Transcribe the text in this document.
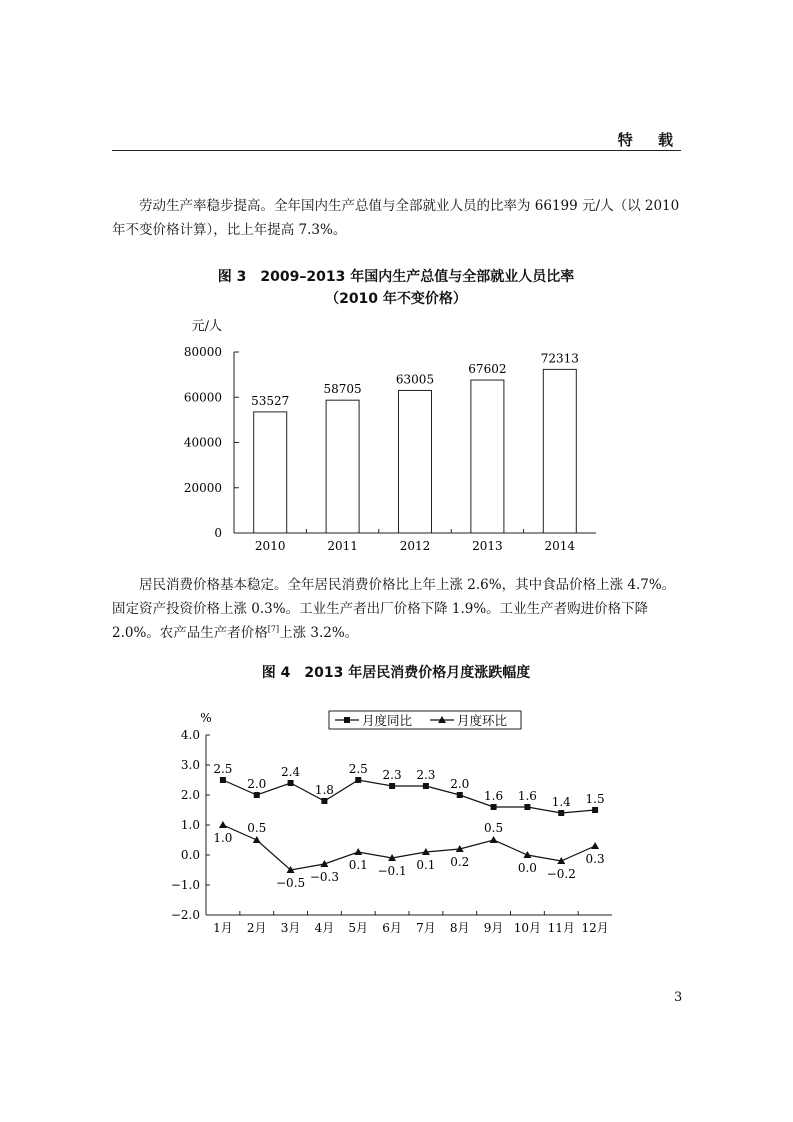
特 载
劳动生产率稳步提高。全年国内生产总值与全部就业人员的比率为 66199 元/人（以 2010 年不变价格计算），比上年提高 7.3%。
图 3　2009–2013 年国内生产总值与全部就业人员比率
（2010 年不变价格）
元/人
0
20000
40000
60000
80000
53527
2010
58705
2011
63005
2012
67602
2013
72313
2014
居民消费价格基本稳定。全年居民消费价格比上年上涨 2.6%，其中食品价格上涨 4.7%。固定资产投资价格上涨 0.3%。工业生产者出厂价格下降 1.9%。工业生产者购进价格下降 2.0%。农产品生产者价格[7]上涨 3.2%。
图 4　2013 年居民消费价格月度涨跌幅度
%
−2.0
−1.0
0.0
1.0
2.0
3.0
4.0
1月 2月 3月 4月 5月 6月 7月 8月 9月 10月 11月 12月
2.5
2.0
2.4
1.8
2.5 2.3 2.3
2.0
1.6 1.6 1.4 1.5
1.0
0.5
−0.5 −0.3
0.1 −0.1 0.1 0.2
0.5
0.0 −0.2
0.3
月度同比	月度环比
3
